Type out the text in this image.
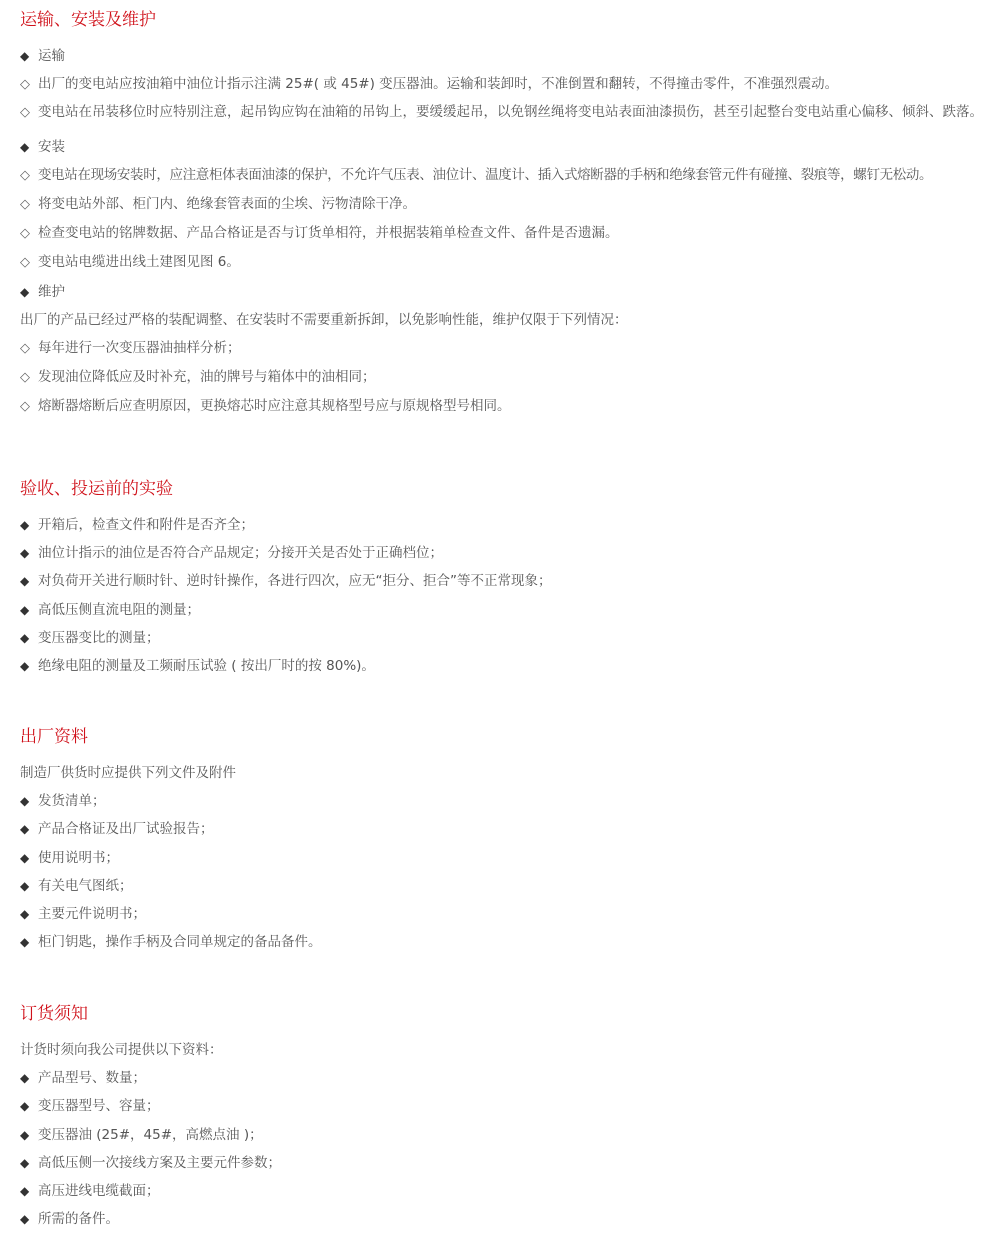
运输、安装及维护
◆ 运输
◇ 出厂的变电站应按油箱中油位计指示注满 25#( 或 45#) 变压器油。运输和装卸时，不准倒置和翻转，不得撞击零件，不准强烈震动。
◇ 变电站在吊装移位时应特别注意，起吊钩应钩在油箱的吊钩上，要缓缓起吊，以免钢丝绳将变电站表面油漆损伤，甚至引起整台变电站重心偏移、倾斜、跌落。
◆ 安装
◇ 变电站在现场安装时，应注意柜体表面油漆的保护，不允许气压表、油位计、温度计、插入式熔断器的手柄和绝缘套管元件有碰撞、裂痕等，螺钉无松动。
◇ 将变电站外部、柜门内、绝缘套管表面的尘埃、污物清除干净。
◇ 检查变电站的铭牌数据、产品合格证是否与订货单相符，并根据装箱单检查文件、备件是否遗漏。
◇ 变电站电缆进出线土建图见图 6。
◆ 维护
出厂的产品已经过严格的装配调整、在安装时不需要重新拆卸，以免影响性能，维护仅限于下列情况：
◇ 每年进行一次变压器油抽样分析；
◇ 发现油位降低应及时补充，油的牌号与箱体中的油相同；
◇ 熔断器熔断后应查明原因，更换熔芯时应注意其规格型号应与原规格型号相同。
验收、投运前的实验
◆ 开箱后，检查文件和附件是否齐全；
◆ 油位计指示的油位是否符合产品规定；分接开关是否处于正确档位；
◆ 对负荷开关进行顺时针、逆时针操作，各进行四次，应无“拒分、拒合”等不正常现象；
◆ 高低压侧直流电阻的测量；
◆ 变压器变比的测量；
◆ 绝缘电阻的测量及工频耐压试验 ( 按出厂时的按 80%)。
出厂资料
制造厂供货时应提供下列文件及附件
◆ 发货清单；
◆ 产品合格证及出厂试验报告；
◆ 使用说明书；
◆ 有关电气图纸；
◆ 主要元件说明书；
◆ 柜门钥匙，操作手柄及合同单规定的备品备件。
订货须知
计货时须向我公司提供以下资料：
◆ 产品型号、数量；
◆ 变压器型号、容量；
◆ 变压器油 (25#，45#，高燃点油 )；
◆ 高低压侧一次接线方案及主要元件参数；
◆ 高压进线电缆截面；
◆ 所需的备件。
